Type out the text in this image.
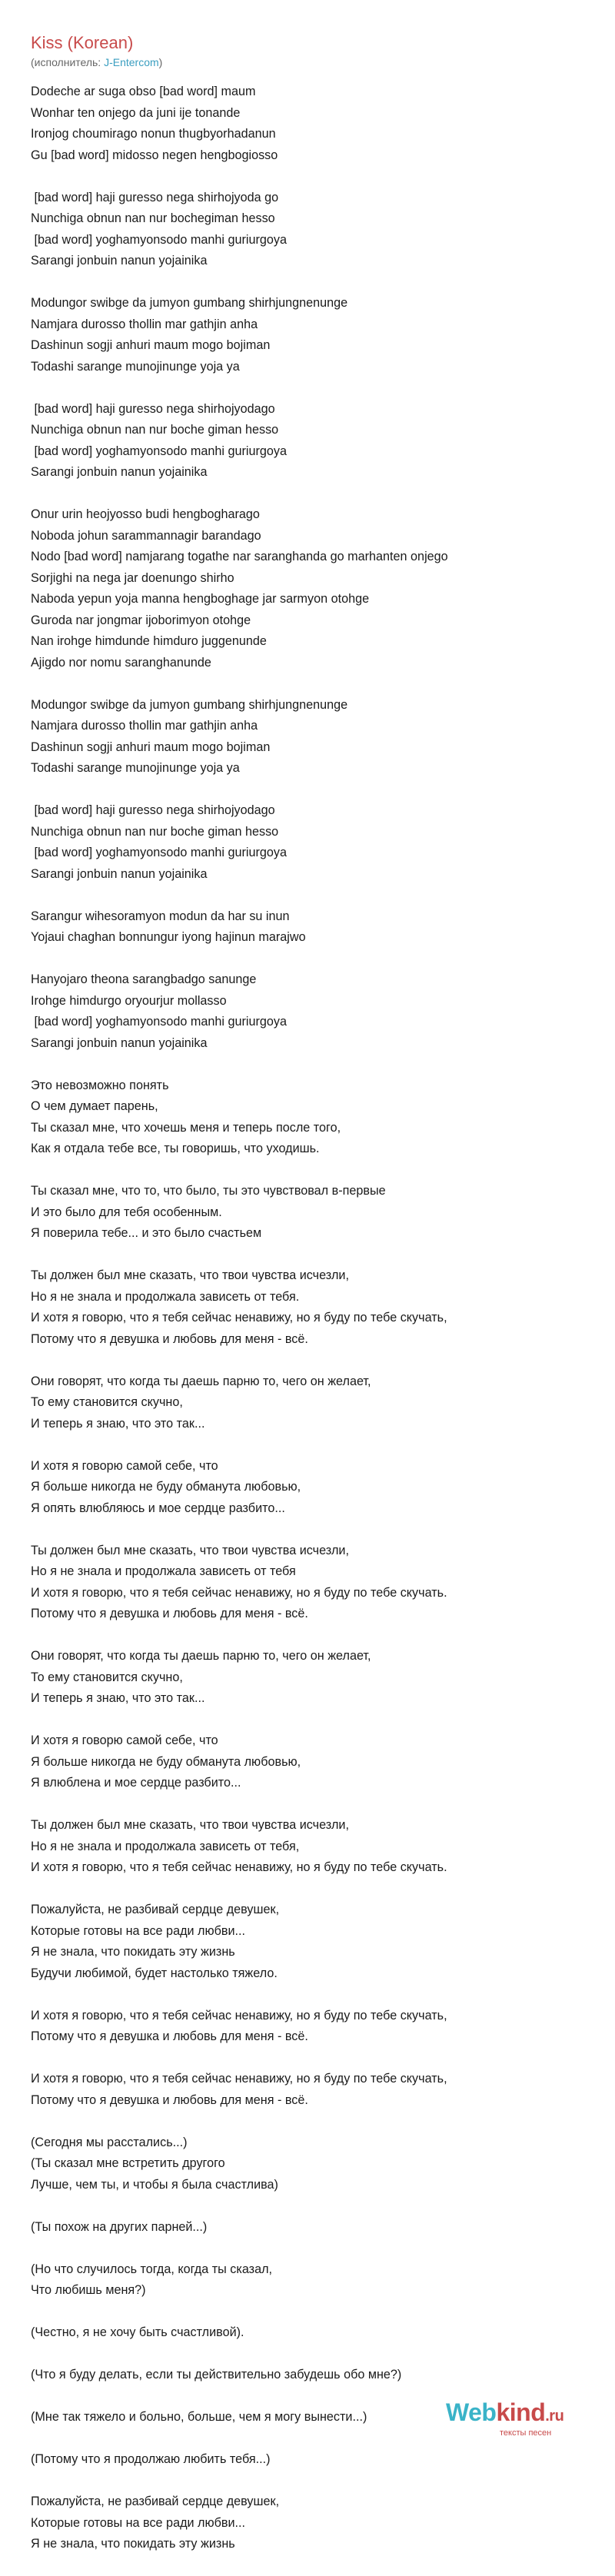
Kiss (Korean)
(исполнитель: J-Entercom)
Dodeche ar suga obso [bad word] maum
Wonhar ten onjego da juni ije tonande
Ironjog choumirago nonun thugbyorhadanun
Gu [bad word] midosso negen hengbogiosso
[bad word] haji guresso nega shirhojyoda go
Nunchiga obnun nan nur bochegiman hesso
[bad word] yoghamyonsodo manhi guriurgoya
Sarangi jonbuin nanun yojainika
Modungor swibge da jumyon gumbang shirhjungnenunge
Namjara durosso thollin mar gathjin anha
Dashinun sogji anhuri maum mogo bojiman
Todashi sarange munojinunge yoja ya
[bad word] haji guresso nega shirhojyodago
Nunchiga obnun nan nur boche giman hesso
[bad word] yoghamyonsodo manhi guriurgoya
Sarangi jonbuin nanun yojainika
Onur urin heojyosso budi hengbogharago
Noboda johun sarammannagir barandago
Nodo [bad word] namjarang togathe nar saranghanda go marhanten onjego
Sorjighi na nega jar doenungo shirho
Naboda yepun yoja manna hengboghage jar sarmyon otohge
Guroda nar jongmar ijoborimyon otohge
Nan irohge himdunde himduro juggenunde
Ajigdo nor nomu saranghanunde
Modungor swibge da jumyon gumbang shirhjungnenunge
Namjara durosso thollin mar gathjin anha
Dashinun sogji anhuri maum mogo bojiman
Todashi sarange munojinunge yoja ya
[bad word] haji guresso nega shirhojyodago
Nunchiga obnun nan nur boche giman hesso
[bad word] yoghamyonsodo manhi guriurgoya
Sarangi jonbuin nanun yojainika
Sarangur wihesoramyon modun da har su inun
Yojaui chaghan bonnungur iyong hajinun marajwo
Hanyojaro theona sarangbadgo sanunge
Irohge himdurgo oryourjur mollasso
[bad word] yoghamyonsodo manhi guriurgoya
Sarangi jonbuin nanun yojainika
Это невозможно понять
О чем думает парень,
Ты сказал мне, что хочешь меня и теперь после того,
Как я отдала тебе все, ты говоришь, что уходишь.
Ты сказал мне, что то, что было, ты это чувствовал в-первые
И это было для тебя особенным.
Я поверила тебе... и это было счастьем
Ты должен был мне сказать, что твои чувства исчезли,
Но я не знала и продолжала зависеть от тебя.
И хотя я говорю, что я тебя сейчас ненавижу, но я буду по тебе скучать,
Потому что я девушка и любовь для меня - всё.
Они говорят, что когда ты даешь парню то, чего он желает,
То ему становится скучно,
И теперь я знаю, что это так...
И хотя я говорю самой себе, что
Я больше никогда не буду обманута любовью,
Я опять влюбляюсь и мое сердце разбито...
Ты должен был мне сказать, что твои чувства исчезли,
Но я не знала и продолжала зависеть от тебя
И хотя я говорю, что я тебя сейчас ненавижу, но я буду по тебе скучать.
Потому что я девушка и любовь для меня - всё.
Они говорят, что когда ты даешь парню то, чего он желает,
То ему становится скучно,
И теперь я знаю, что это так...
И хотя я говорю самой себе, что
Я больше никогда не буду обманута любовью,
Я влюблена и мое сердце разбито...
Ты должен был мне сказать, что твои чувства исчезли,
Но я не знала и продолжала зависеть от тебя,
И хотя я говорю, что я тебя сейчас ненавижу, но я буду по тебе скучать.
Пожалуйста, не разбивай сердце девушек,
Которые готовы на все ради любви...
Я не знала, что покидать эту жизнь
Будучи любимой, будет настолько тяжело.
И хотя я говорю, что я тебя сейчас ненавижу, но я буду по тебе скучать,
Потому что я девушка и любовь для меня - всё.
И хотя я говорю, что я тебя сейчас ненавижу, но я буду по тебе скучать,
Потому что я девушка и любовь для меня - всё.
(Сегодня мы расстались...)
(Ты сказал мне встретить другого
Лучше, чем ты, и чтобы я была счастлива)
(Ты похож на других парней...)
(Но что случилось тогда, когда ты сказал,
Что любишь меня?)
(Честно, я не хочу быть счастливой).
(Что я буду делать, если ты действительно забудешь обо мне?)
(Мне так тяжело и больно, больше, чем я могу вынести...)
(Потому что я продолжаю любить тебя...)
Пожалуйста, не разбивай сердце девушек,
Которые готовы на все ради любви...
Я не знала, что покидать эту жизнь
Webkind.ru
тексты песен
